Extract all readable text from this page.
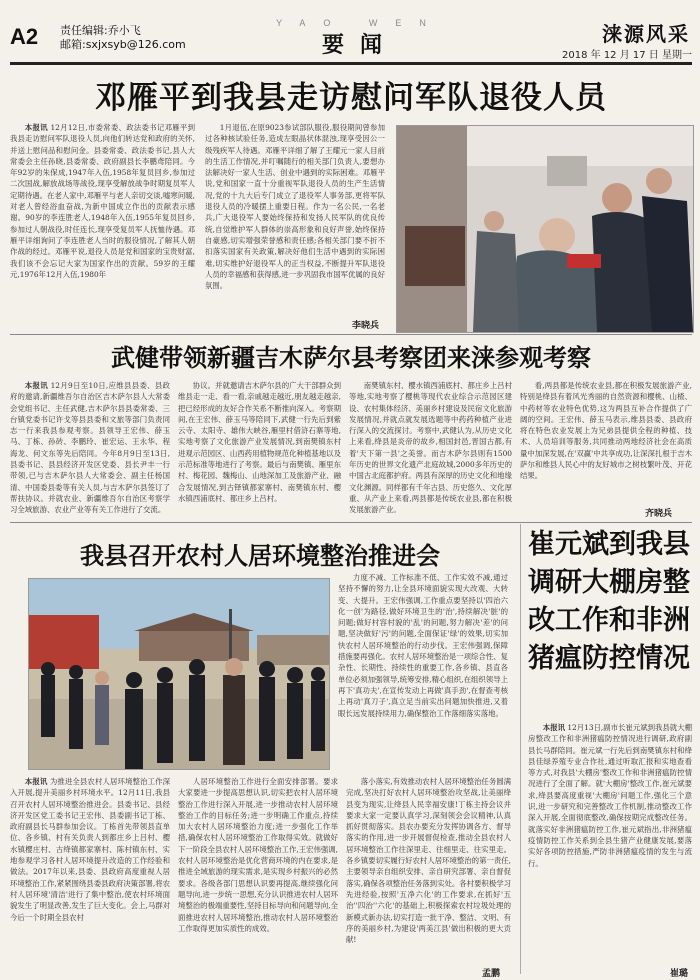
A2 责任编辑:乔小飞
邮箱:sxjxsyb@126.com
YAO WEN
要闻	涞源风采
2018 年 12 月 17 日 星期一
邓雁平到我县走访慰问军队退役人员

本报讯 12月12日,市委常委、政法委书记邓雁平到我县走访慰问军队退役人员,向他们转达党和政府的关怀,并送上慰问品和慰问金。县委常委、政法委书记,县人大常委会主任孙晓,县委常委、政府副县长李鹏鸢陪同。今年92岁的朱保成,1947年入伍,1958年复员回乡,参加过二次国战,解放战场等战役,现享受解放战争时期复员军人定期待遇。在老人家中,邓雁平与老人亲切交谈,嘘寒问暖,对老人曾经浴血奋战,为新中国成立作出的贡献表示感谢。90岁的李连胜老人,1948年入伍,1955年复员回乡,参加过人朝战役,时任连长,现享受复员军人抚恤待遇。邓雁平详细询问了李连胜老人当时的服役情况,了解其人朝作战的经过。邓雁平说,退役人员是党和国家的宝贵财富,我们该不会忘记大家为国家作出的贡献。59岁的王耀元,1976年12月入伍,1980年

1月退伍,在原9023参试部队服役,服役期间曾参加过各种核试验任务,造成左眼晶状体混浊,现享受因公一级残疾军人待遇。邓雁平详细了解了王耀元一家人目前的生活工作情况,并叮嘱随行的相关部门负责人,要想办法解决好一家人生活、创业中遇到的实际困难。邓雁平说,党和国家一直十分重视军队退役人员的生产生活情况,党的十九大后专门成立了退役军人事务部,更将军队退役人员的冷暖摆上重要日程。作为一名公民,一名老兵,广大退役军人要始终保持和发扬人民军队的优良传统,自觉维护军人群体的崇高形象和良好声誉,始终保持自豪感,切实增强荣誉感和责任感;各相关部门要不折不扣落实国家有关政策,解决好他们生活中遇到的实际困难,切实维护好退役军人的正当权益,不断提升军队退役人员的幸福感和获得感,进一步巩固我市国军优属的良好氛围。

李晓兵
武健带领新疆吉木萨尔县考察团来涞参观考察

本报讯 12月9日至10日,应维县县委、县政府的邀请,新疆维吾尔自治区吉木萨尔县人大常委会党组书记、主任武健,吉木萨尔县县委常委、三台镇党委书记许戈等县县委和文旅等部门负责同志一行来我县参观考察。县领导王宏伟、薛玉马、丁栋、孙砖、李鹏玲、崔宏运、王永华、程海龙、何文东等先后陪同。今年8月9日至13日,县委书记、县县经济开发区党委、县长尹丰一行带领,已与吉木萨尔县人大常委会、副主任杨国清、中国委县委等有关人员,与吉木萨尔县签订了帮扶协议。并就农业、新疆维吾尔自治区考察学习全域旅游、农业产业等有关工作进行了交流。

协议。并就邀请吉木萨尔县的广大干部群众到维县走一走、看一看,亲戚越走越近,朋友越走越亲,把已经形成的友好合作关系不断推向深入。考察期间,在王宏伟、薛玉马等陪同下,武健一行先后到紫云寺、太阳寺、雄伟大峡谷,雁里村借浒石寨等地,实地考察了文化旅游产业发展情况,到南樊镇东村进观示范园区、山西药用植物规范化种植基地以及示范标准等地进行了考察。最后与南樊镇、雁里东村、梅花园、魏梅山、山地深加工及旅游产业、融合发展情况,到古铎镇都家寨村、南樊镇东村、樱水镇西浦底村、都庄乡上吕村。

南樊镇东村、樱水镇西浦底村、都庄乡上吕村等地,实地考察了樱桃等现代农业综合示范园区建设、农村集体经济、美丽乡村建设及民宿文化旅游发展情况,并就点就发展选题等中药药种植产业进行深入的交流探讨。考察中,武健认为,从历史文化上来看,绛县是炎帝的故乡,相国封邑,晋国古都,有着'天下第一县'之美誉。而吉木萨尔县则有1500年历史的世界文化遗产北庭故城,2000多年历史的中国古北庭都护府。两县有深厚的历史文化和地缘文化渊源。同样都有千年古县、历史悠久、文化厚重、从产业上来看,两县都是传统农业县,都在积极发展旅游产业。

看,两县都是传统农业县,都在积极发展旅游产业,特别是绛县有着风光秀丽的自然资源和樱桃、山楂、中药材等农业特色优势,这为两县互补合作提供了广阔的空间。王宏伟、薛玉马表示,维县县委、县政府将在特色农业发展上为兄弟县提供全程的种植、技术、人员培训等服务,共同推动两地经济社会在高质量中加深发展,在'双赢'中共享成功,让深深扎根于吉木萨尔和维县人民心中的友好城市之树枝繁叶茂、开花结果。

齐晓兵
我县召开农村人居环境整治推进会

力度不减、工作标准不低、工作实效不减,通过坚持不懈的努力,让全县环境面貌实现大改观、大转变、大提升。王宏伟强调,工作重点要坚持以'四治六化一创'为路径,做好环境卫生的'治',持续解决'脏'的问题;做好村容村貌的'乱'的问题,努力解决'差'的问题,坚决做好'污'的问题,全面保证'绿'的效果,切实加快农村人居环境整治的行动步伐。王宏伟强调,保障措施要再强化。农村人居环境整治是一项综合性、复杂性、长期性、持续性的重要工作,各乡镇、县直各单位必须加强领导,统筹安排,精心组织,在组织领导上再下'真功夫',在宣传发动上再做'真手劲',在督查考核上再动'真刀子',真立足当前实出问题加快推进,又着眼长远发展持续用力,确保整治工作落细落实落地。

本报讯 为推进全县农村人居环境整治工作深入开展,提升美丽乡村环境水平。12月11日,我县召开农村人居环境整治推进会。县委书记、县经济开发区党工委书记王宏伟、县委副书记丁栋、政府副县长马群参加会议。丁栋首先带领县直单位、各乡镇、村有关负责人到都庄乡上吕村、樱水镇樱庄村、古绛镇都家寨村、陈村镇东村、实地参观学习各村人居环境提升改造的工作经验和做法。2017年以来,县委、县政府高度重视人居环境整治工作,紧紧围绕县委县政府决策部署,将农村人居环境'清洁'进行了集中整治,使农村环境面貌发生了明显改善,发生了巨大变化。会上,马群对今后一个时期全县农村

人居环境整治工作进行全面安排部署。要求大家要进一步提高思想认识,切实把农村人居环境整治工作进行深入开展,进一步推动农村人居环境整治工作的目标任务;进一步明确工作重点,持续加大农村人居环境整治力度;进一步强化工作举措,确保农村人居环境整治工作取得实效。就做好下一阶段全县农村人居环境整治工作,王宏伟强调,农村人居环境整治是优化营商环境的内在要求,是推进全域旅游的现实需求,是实现乡村振兴的必然要求。各级各部门思想认识要再提高,继续强化问题导向,进一步统一思想,充分认识推进农村人居环境整治的极端重要性,坚持目标导向和问题导向,全面推进农村人居环境整治,推动农村人居环境整治工作取得更加实质性的成效。

落小落实,有效推动农村人居环境整治任务圆满完成,坚决打好农村人居环境整治攻坚战,让美丽绛县变为现实,让绛县人民幸福安康!丁栋主持会议并要求大家一定要认真学习,深刻领会会议精神,认真抓好贯彻落实。县农办要充分发挥协调各方、督导落实的作用,进一步开展督促检查,推动全县农村人居环境整治工作往深里走、往细里走、往实里走。各乡镇要切实履行好农村人居环境整治的第一责任,主要领导亲自组织安排、亲自研究部署、亲自督促落实,确保各项整治任务落到实处。各村要积极学习先进经验,按照'五净六化'的工作要求,在抓好'五治''四治''六化'的基础上,积极探索农村垃圾处理的新模式新办法,切实打造一批干净、整洁、文明、有序的美丽乡村,为建设'两美江县'做出积极的更大贡献!

孟鹏
崔元斌到我县调研大棚房整改工作和非洲猪瘟防控情况

本报讯 12月13日,副市长崔元斌到我县就大棚房整改工作和非洲猪瘟防控情况进行调研,政府副县长马群陪同。崔元斌一行先后到南樊镇东村和绛县佳绿养殖专业合作社,通过听取汇报和实地查看等方式,对我县'大棚房'整改工作和非洲猪瘟防控情况进行了全面了解。就'大棚房'整改工作,崔元斌要求,绛县要高度重视'大棚房'问题工作,强化三个意识,进一步研究和完善整改工作机制,推动整改工作深入开展,全面彻底整改,确保按期完成整改任务。就落实好非洲猪瘟防控工作,崔元斌指出,非洲猪瘟疫情防控工作关系到全县生猪产业健康发展,要落实好各项防控措施,严防非洲猪瘟疫情的发生与流行。

崔璐
